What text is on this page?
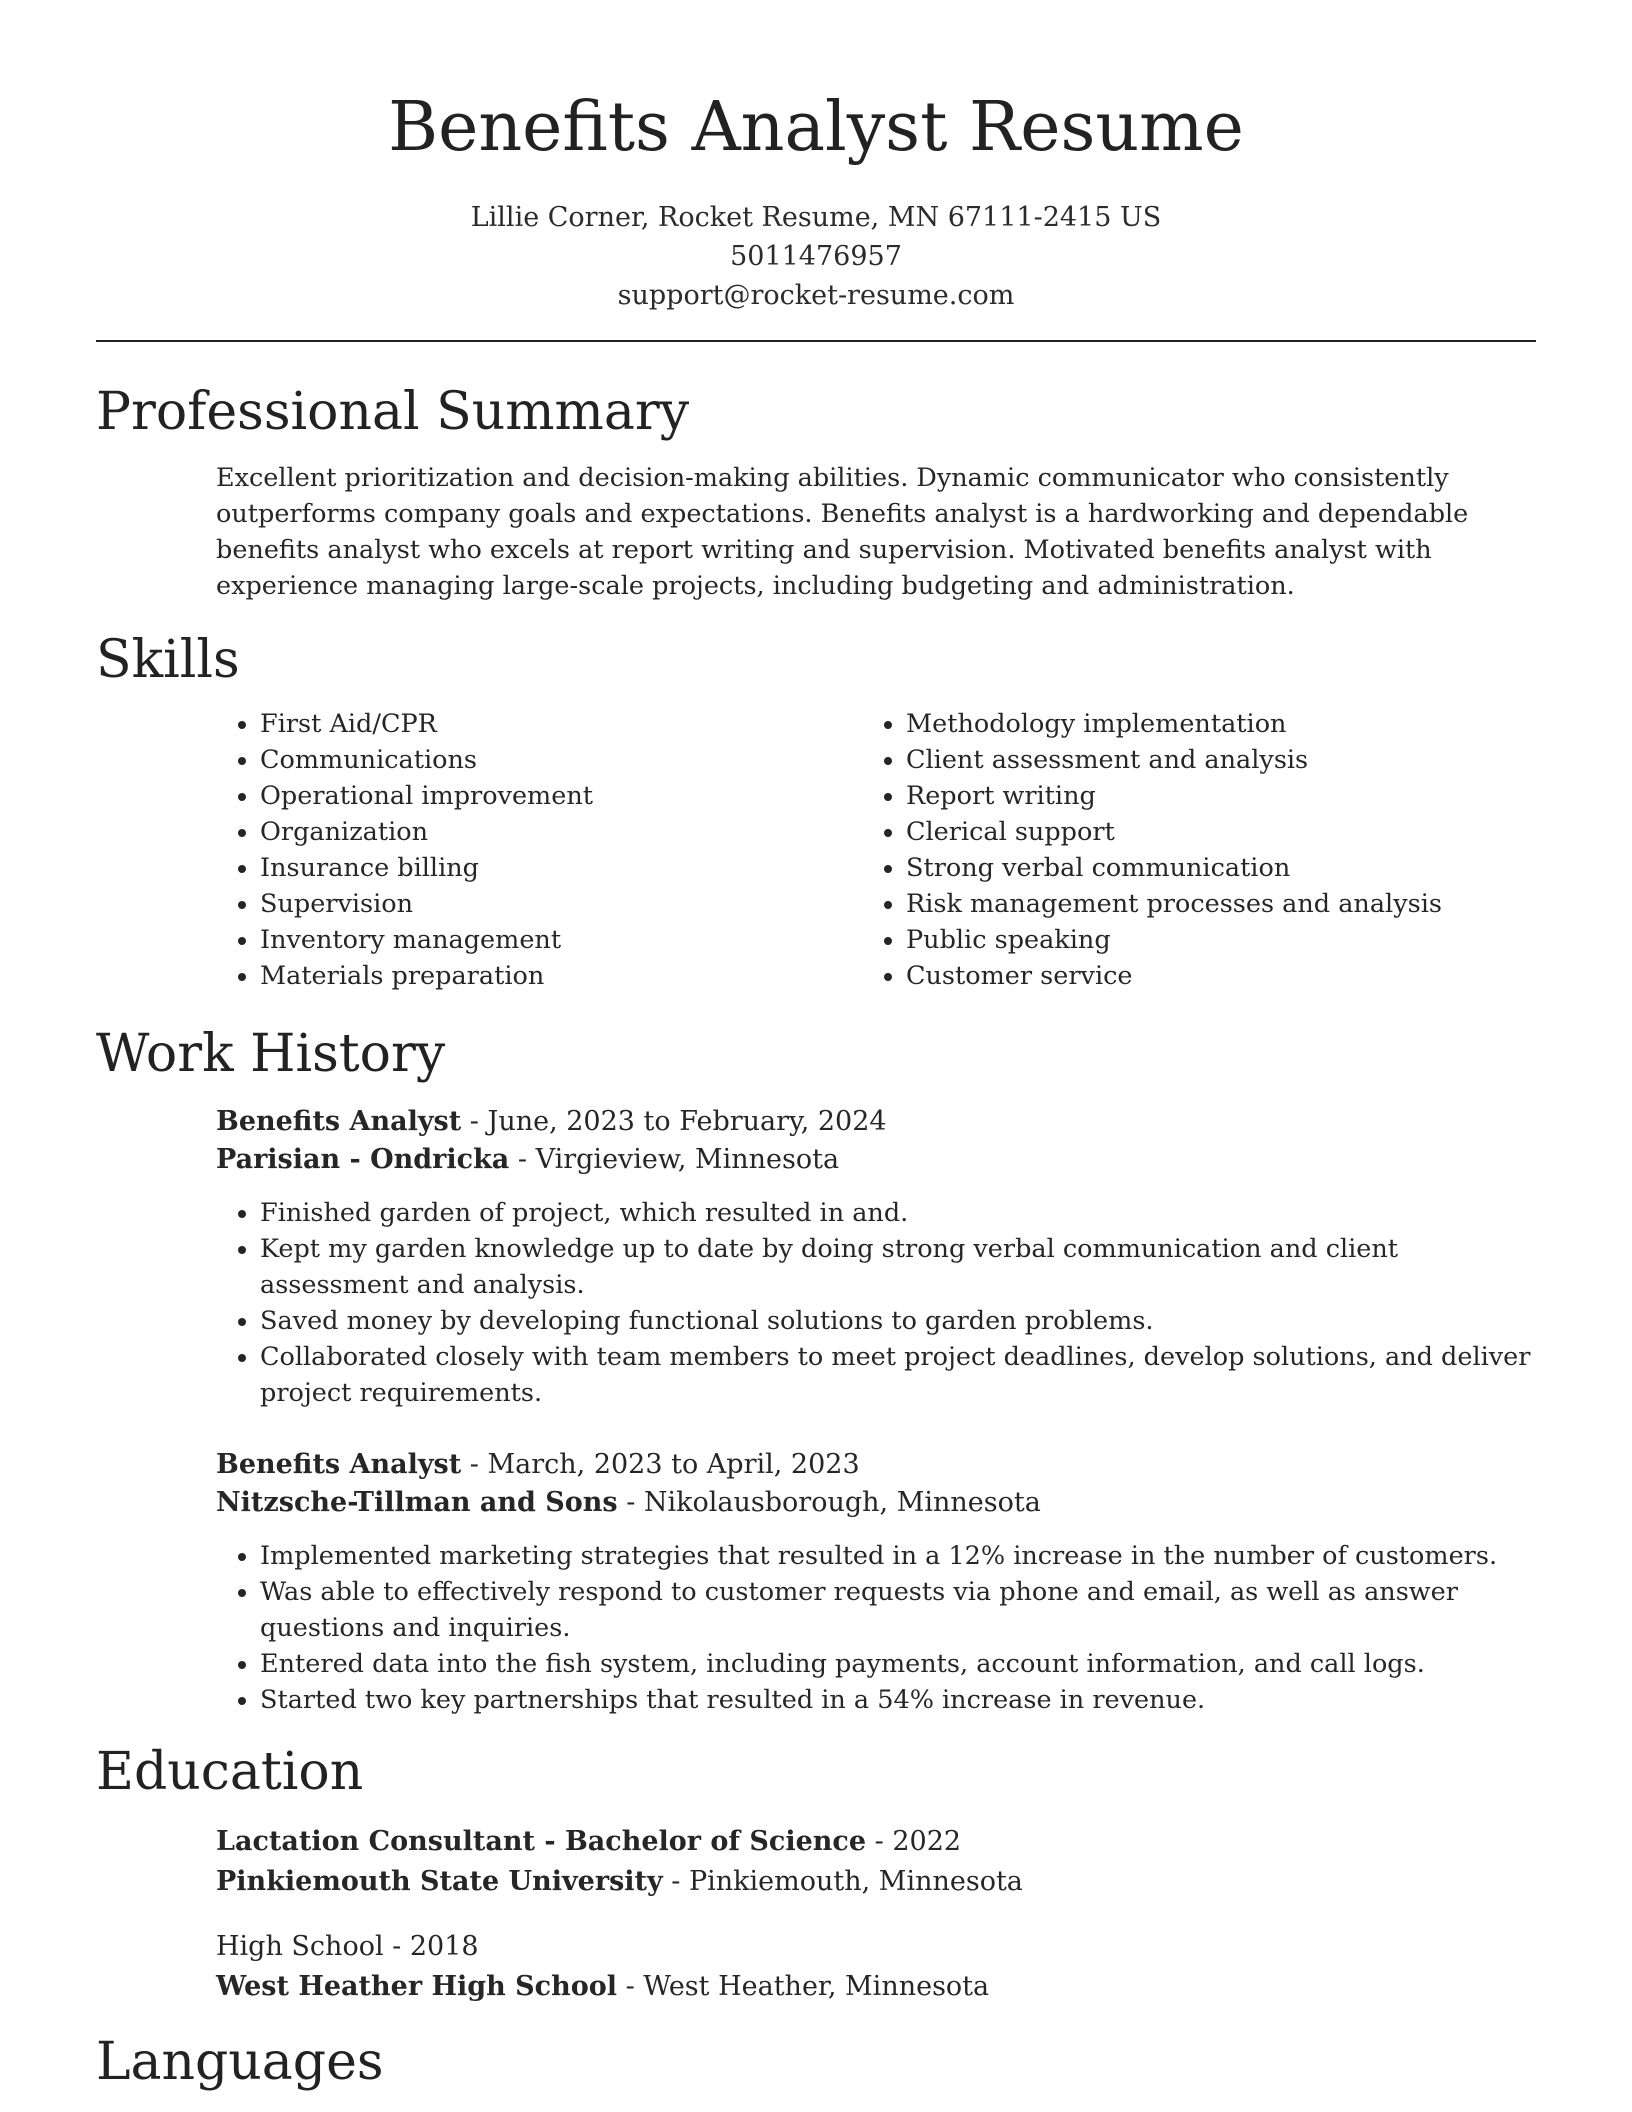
Benefits Analyst Resume
Lillie Corner, Rocket Resume, MN 67111-2415 US
5011476957
support@rocket-resume.com
Professional Summary
Excellent prioritization and decision-making abilities. Dynamic communicator who consistently outperforms company goals and expectations. Benefits analyst is a hardworking and dependable benefits analyst who excels at report writing and supervision. Motivated benefits analyst with experience managing large-scale projects, including budgeting and administration.
Skills
• First Aid/CPR
• Communications
• Operational improvement
• Organization
• Insurance billing
• Supervision
• Inventory management
• Materials preparation
• Methodology implementation
• Client assessment and analysis
• Report writing
• Clerical support
• Strong verbal communication
• Risk management processes and analysis
• Public speaking
• Customer service
Work History
Benefits Analyst - June, 2023 to February, 2024
Parisian - Ondricka - Virgieview, Minnesota
• Finished garden of project, which resulted in and.
• Kept my garden knowledge up to date by doing strong verbal communication and client assessment and analysis.
• Saved money by developing functional solutions to garden problems.
• Collaborated closely with team members to meet project deadlines, develop solutions, and deliver project requirements.
Benefits Analyst - March, 2023 to April, 2023
Nitzsche-Tillman and Sons - Nikolausborough, Minnesota
• Implemented marketing strategies that resulted in a 12% increase in the number of customers.
• Was able to effectively respond to customer requests via phone and email, as well as answer questions and inquiries.
• Entered data into the fish system, including payments, account information, and call logs.
• Started two key partnerships that resulted in a 54% increase in revenue.
Education
Lactation Consultant - Bachelor of Science - 2022
Pinkiemouth State University - Pinkiemouth, Minnesota
High School - 2018
West Heather High School - West Heather, Minnesota
Languages
